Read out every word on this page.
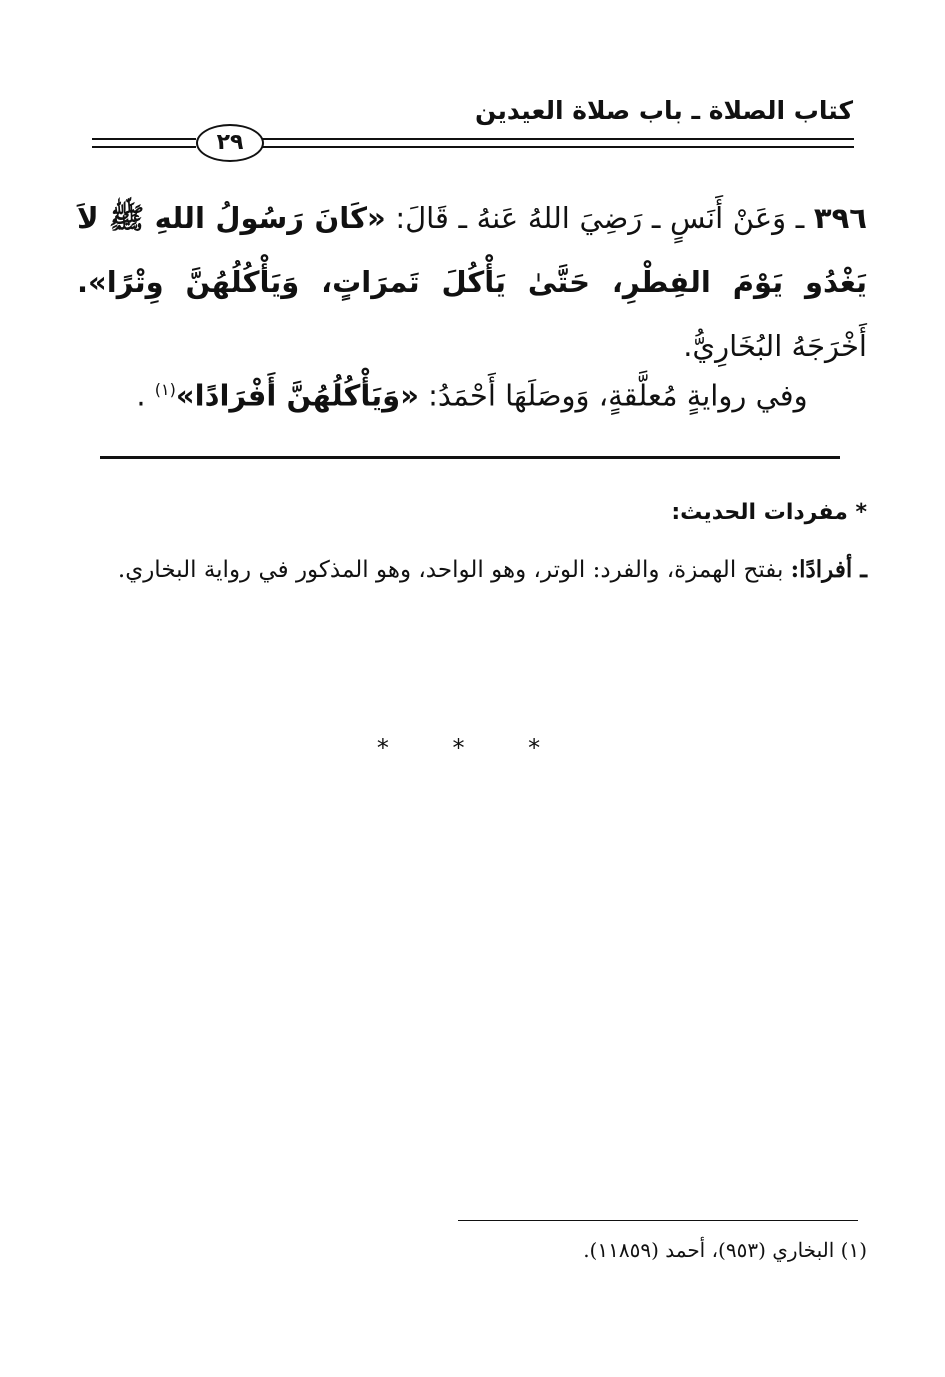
كتاب الصلاة ـ باب صلاة العيدين
٢٩
٣٩٦ ـ وَعَنْ أَنَسٍ ـ رَضِيَ اللهُ عَنهُ ـ قَالَ: «كَانَ رَسُولُ اللهِ ﷺ لاَ يَغْدُو يَوْمَ الفِطْرِ، حَتَّىٰ يَأْكُلَ تَمرَاتٍ، وَيَأْكُلُهُنَّ وِتْرًا». أَخْرَجَهُ البُخَارِيُّ.
وفي روايةٍ مُعلَّقةٍ، وَوصَلَهَا أَحْمَدُ: «وَيَأْكُلُهُنَّ أَفْرَادًا»$^{(١)}$ .
* مفردات الحديث:
ـ أفرادًا: بفتح الهمزة، والفرد: الوتر، وهو الواحد، وهو المذكور في رواية البخاري.
* * *
(١) البخاري (٩٥٣)، أحمد (١١٨٥٩).
